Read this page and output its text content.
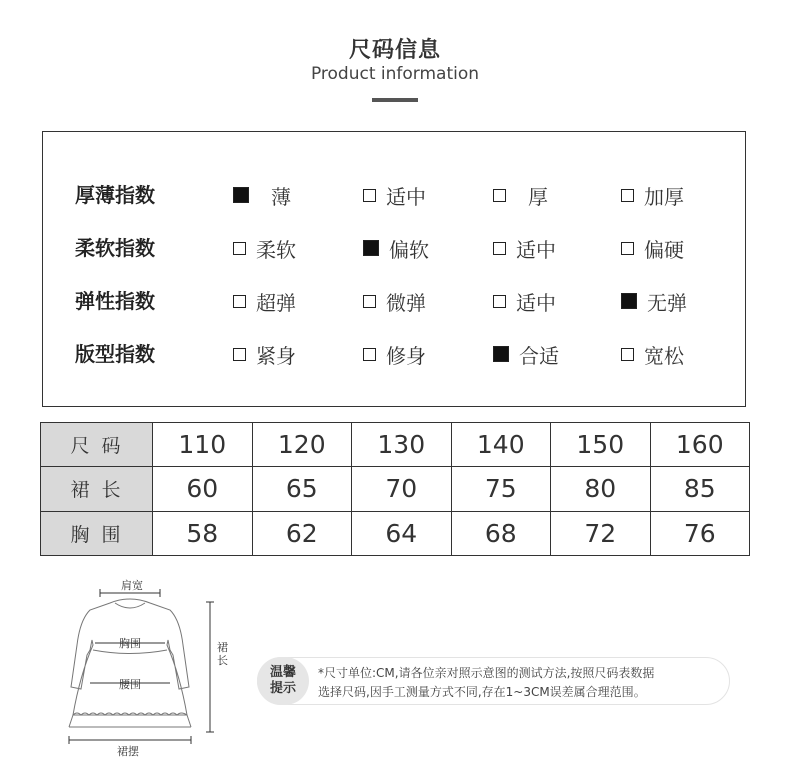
尺码信息
Product information
厚薄指数	薄	适中	厚	加厚
柔软指数	柔软	偏软	适中	偏硬
弹性指数	超弹	微弹	适中	无弹
版型指数	紧身	修身	合适	宽松
尺码	110	120	130	140	150	160
裙长	60	65	70	75	80	85
胸围	58	62	64	68	72	76
肩宽
胸围
腰围
裙长
裙摆
温馨
提示
*尺寸单位:CM,请各位亲对照示意图的测试方法,按照尺码表数据
选择尺码,因手工测量方式不同,存在1~3CM误差属合理范围。
